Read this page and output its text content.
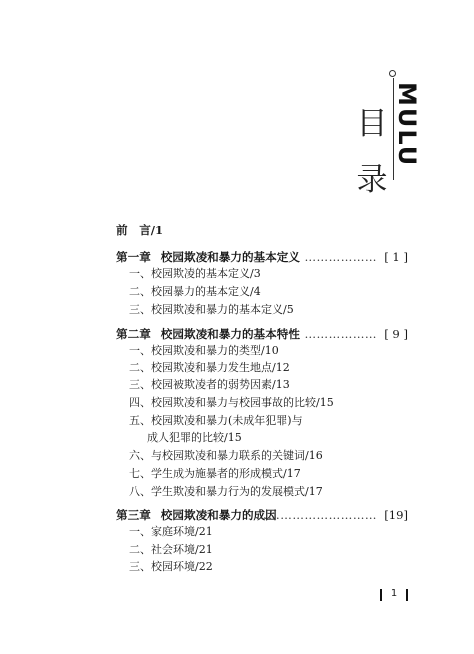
目
录
MULU
前　言/1
第一章 校园欺凌和暴力的基本定义 ……………… [ 1 ]
一、校园欺凌的基本定义/3
二、校园暴力的基本定义/4
三、校园欺凌和暴力的基本定义/5
第二章 校园欺凌和暴力的基本特性 ……………… [ 9 ]
一、校园欺凌和暴力的类型/10
二、校园欺凌和暴力发生地点/12
三、校园被欺凌者的弱势因素/13
四、校园欺凌和暴力与校园事故的比较/15
五、校园欺凌和暴力(未成年犯罪)与
成人犯罪的比较/15
六、与校园欺凌和暴力联系的关键词/16
七、学生成为施暴者的形成模式/17
八、学生欺凌和暴力行为的发展模式/17
第三章 校园欺凌和暴力的成因
………………………… [19]
一、家庭环境/21
二、社会环境/21
三、校园环境/22
1
